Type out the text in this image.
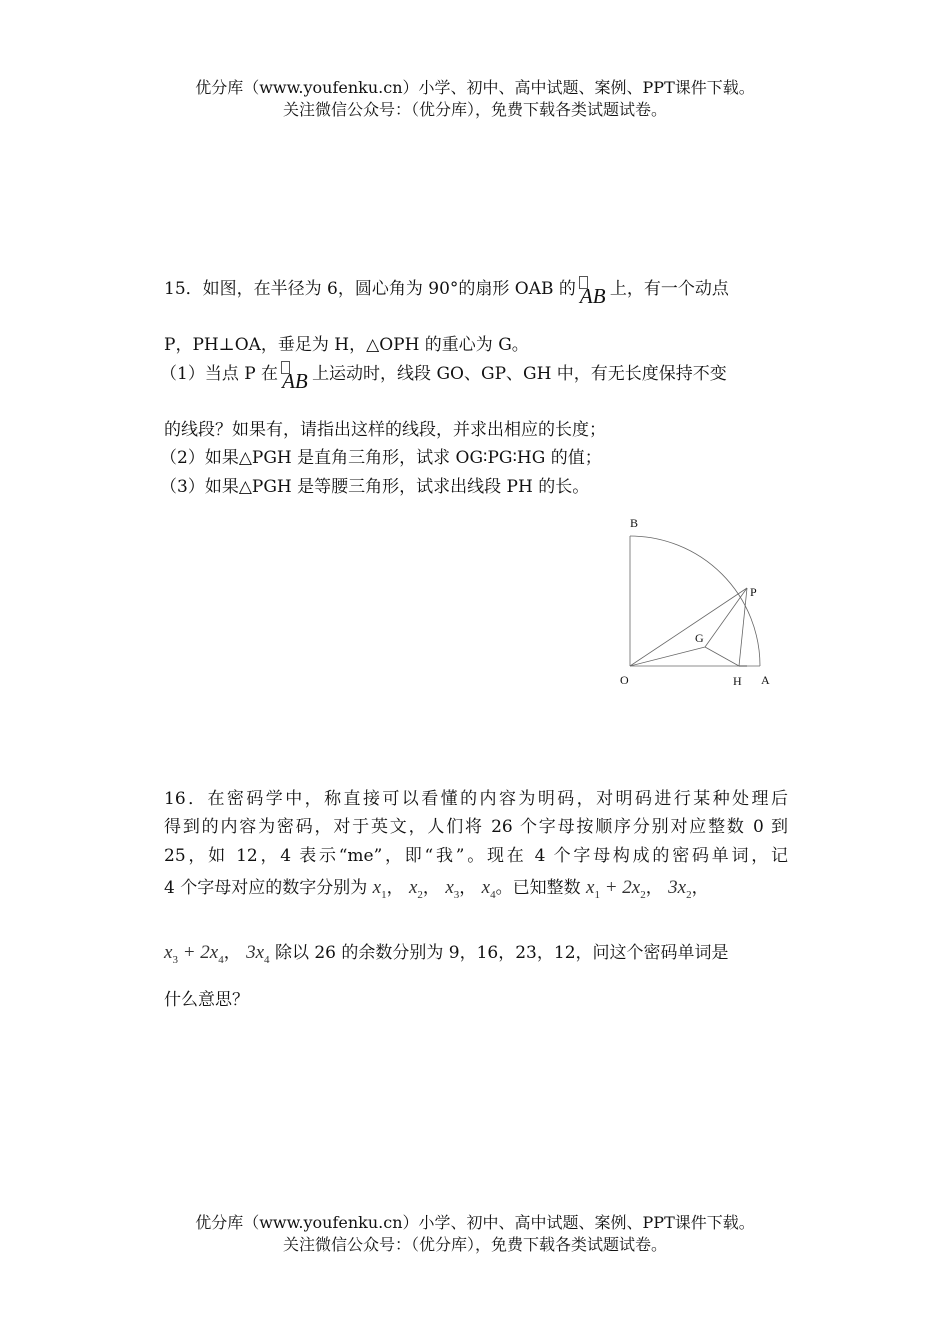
优分库（www.youfenku.cn）小学、初中、高中试题、案例、PPT课件下载。
关注微信公众号：（优分库），免费下载各类试题试卷。
15．如图，在半径为 6，圆心角为 90°的扇形 OAB 的 AB 上，有一个动点
P，PH⊥OA，垂足为 H，△OPH 的重心为 G。
（1）当点 P 在 AB 上运动时，线段 GO、GP、GH 中，有无长度保持不变
的线段？如果有，请指出这样的线段，并求出相应的长度；
（2）如果△PGH 是直角三角形，试求 OG∶PG∶HG 的值；
（3）如果△PGH 是等腰三角形，试求出线段 PH 的长。
B
P
G
O	H A
16．在密码学中，称直接可以看懂的内容为明码，对明码进行某种处理后
得到的内容为密码，对于英文，人们将 26 个字母按顺序分别对应整数 0 到
25，如 12，4 表示“me”，即“我”。现在 4 个字母构成的密码单词，记
4 个字母对应的数字分别为 $x_1$， $x_2$， $x_3$， $x_4$。已知整数 $x_1 + 2x_2$， $3x_2$，
$x_3 + 2x_4$， $3x_4$ 除以 26 的余数分别为 9，16，23，12，问这个密码单词是
什么意思？
优分库（www.youfenku.cn）小学、初中、高中试题、案例、PPT课件下载。
关注微信公众号：（优分库），免费下载各类试题试卷。
